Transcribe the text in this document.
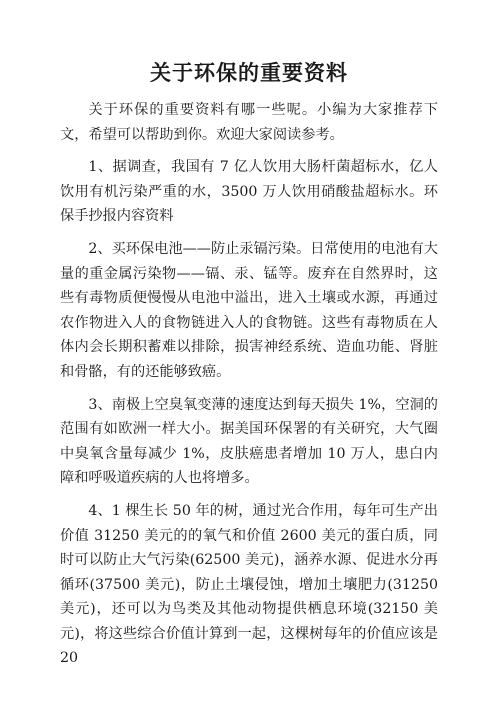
关于环保的重要资料

关于环保的重要资料有哪一些呢。小编为大家推荐下文，希望可以帮助到你。欢迎大家阅读参考。

1、据调查，我国有 7 亿人饮用大肠杆菌超标水，亿人饮用有机污染严重的水，3500 万人饮用硝酸盐超标水。环保手抄报内容资料

2、买环保电池——防止汞镉污染。日常使用的电池有大量的重金属污染物——镉、汞、锰等。废弃在自然界时，这些有毒物质便慢慢从电池中溢出，进入土壤或水源，再通过农作物进入人的食物链进入人的食物链。这些有毒物质在人体内会长期积蓄难以排除，损害神经系统、造血功能、肾脏和骨骼，有的还能够致癌。

3、南极上空臭氧变薄的速度达到每天损失 1%，空洞的范围有如欧洲一样大小。据美国环保署的有关研究，大气圈中臭氧含量每减少 1%，皮肤癌患者增加 10 万人，患白内障和呼吸道疾病的人也将增多。

4、1 棵生长 50 年的树，通过光合作用，每年可生产出价值 31250 美元的的氧气和价值 2600 美元的蛋白质，同时可以防止大气污染(62500 美元)，涵养水源、促进水分再循环(37500 美元)，防止土壤侵蚀，增加土壤肥力(31250 美元)，还可以为鸟类及其他动物提供栖息环境(32150 美元)，将这些综合价值计算到一起，这棵树每年的价值应该是 20
